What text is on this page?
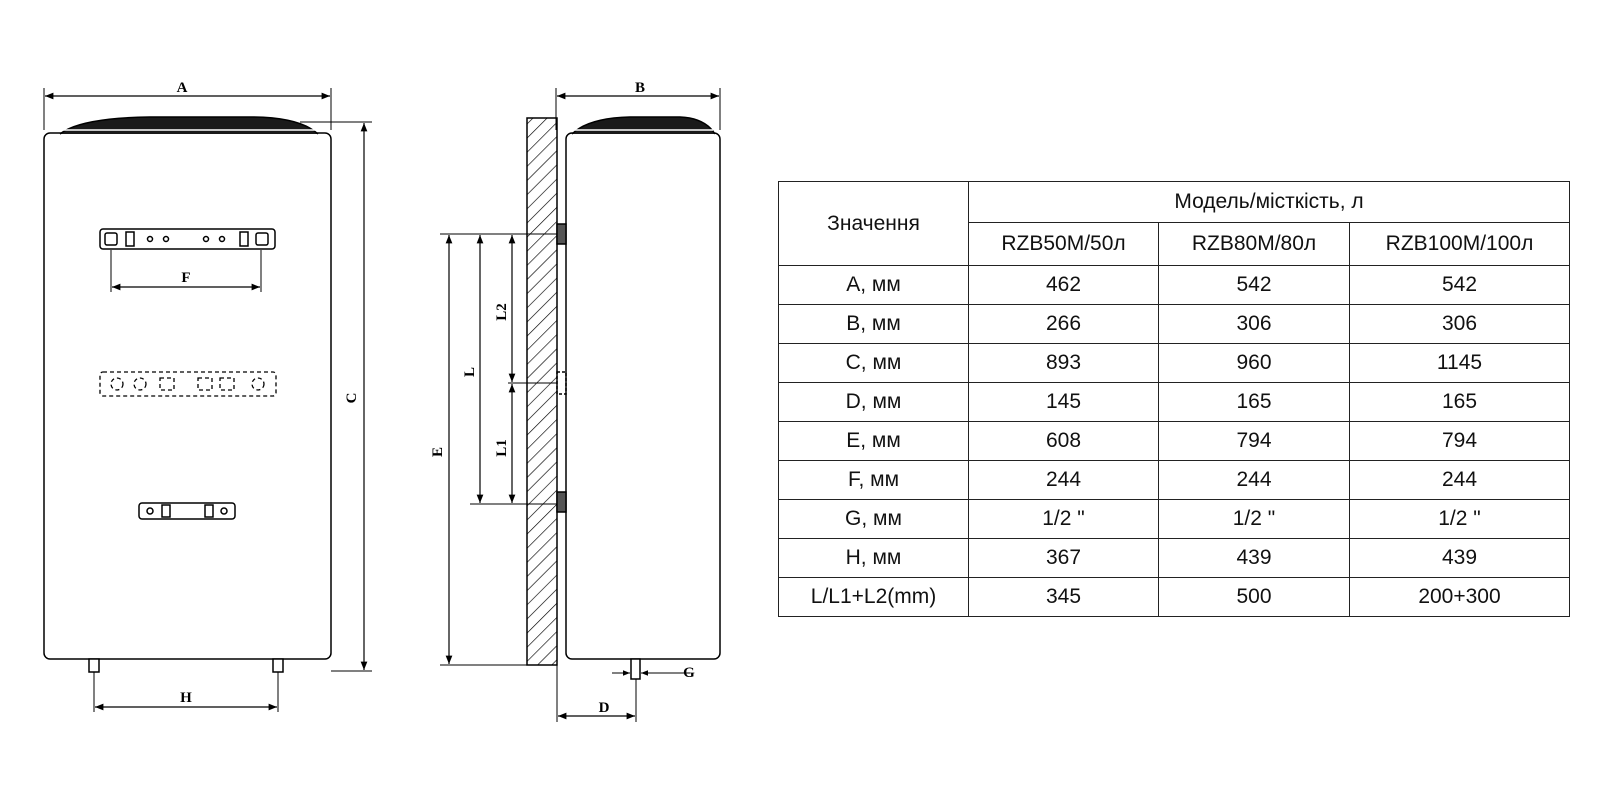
A
F
H
C
B
E
L
L2
L1
D
G
Значення	Модель/місткість, л		
	RZB50M/50л	RZB80M/80л	RZB100M/100л
A, мм	462	542	542
B, мм	266	306	306
C, мм	893	960	1145
D, мм	145	165	165
E, мм	608	794	794
F, мм	244	244	244
G, мм	1/2 "	1/2 "	1/2 "
H, мм	367	439	439
L/L1+L2(mm)	345	500	200+300
